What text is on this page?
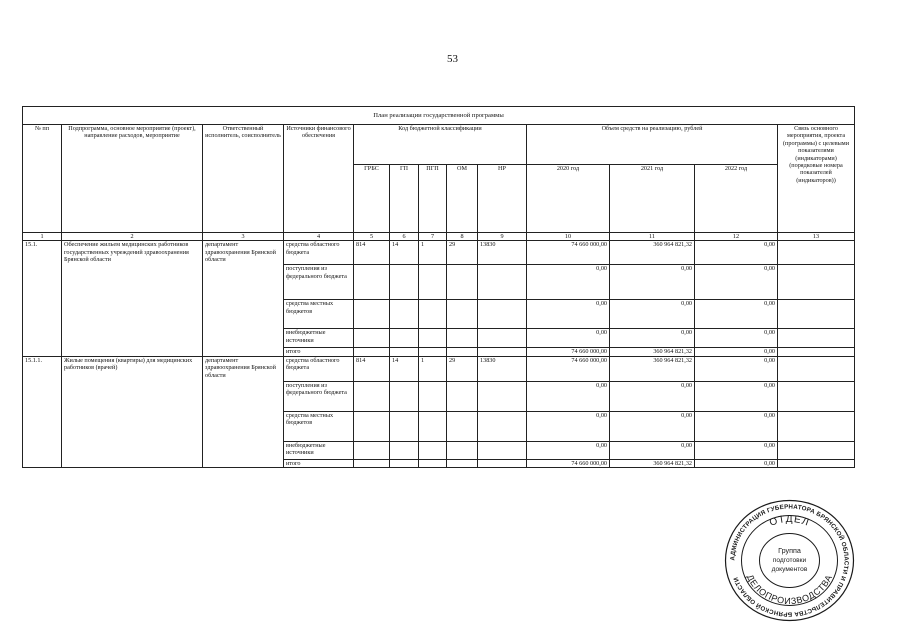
53
План реализации государственной программы												
№ пп	Подпрограмма, основное мероприятие (проект), направление расходов, мероприятие	Ответственный исполнитель, соисполнитель	Источники финансового обеспечения	Код бюджетной классификации					Объем средств на реализацию, рублей			Связь основного мероприятия, проекта (программы) с целевыми показателями (индикаторами) (порядковые номера показателей (индикаторов))
				ГРБС	ГП	ПГП	ОМ	НР	2020 год	2021 год	2022 год	
1	2	3	4	5	6	7	8	9	10	11	12	13
15.1.	Обеспечение жильем медицинских работников государственных учреждений здравоохранения Брянской области	департамент здравоохранения Брянской области	средства областного бюджета	814	14	1	29	13830	74 660 000,00	360 964 821,32	0,00	
			поступления из федерального бюджета						0,00	0,00	0,00	
			средства местных бюджетов						0,00	0,00	0,00	
			внебюджетные источники						0,00	0,00	0,00	
			итого						74 660 000,00	360 964 821,32	0,00	
15.1.1.	Жилые помещения (квартиры) для медицинских работников (врачей)	департамент здравоохранения Брянской области	средства областного бюджета	814	14	1	29	13830	74 660 000,00	360 964 821,32	0,00	
			поступления из федерального бюджета						0,00	0,00	0,00	
			средства местных бюджетов						0,00	0,00	0,00	
			внебюджетные источники						0,00	0,00	0,00	
			итого						74 660 000,00	360 964 821,32	0,00	
АДМИНИСТРАЦИЯ ГУБЕРНАТОРА БРЯНСКОЙ ОБЛАСТИ И ПРАВИТЕЛЬСТВА БРЯНСКОЙ ОБЛАСТИ
ОТДЕЛ
ДЕЛОПРОИЗВОДСТВА
Группа
подготовки
документов
